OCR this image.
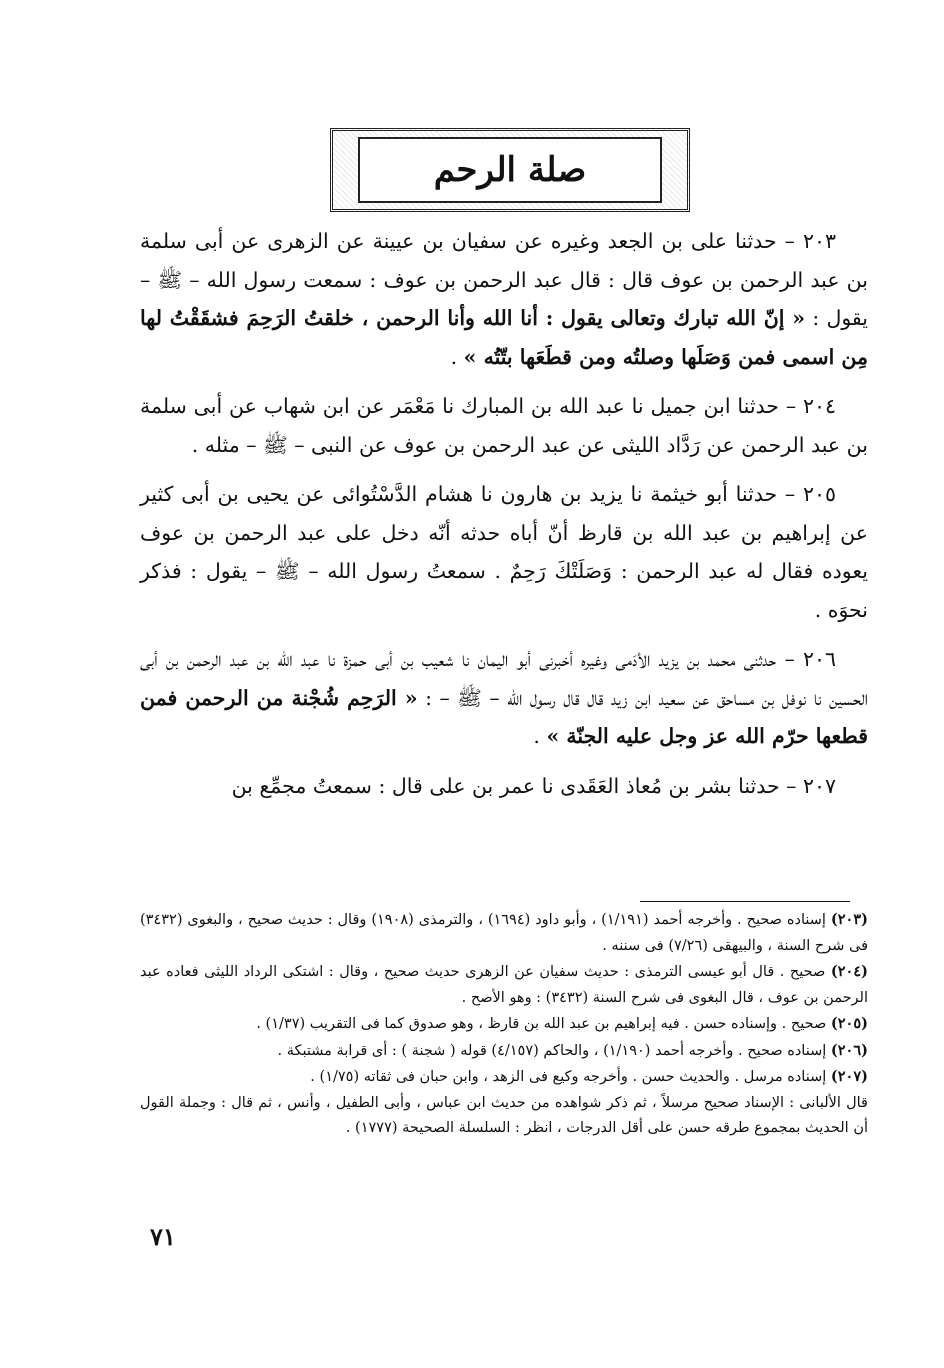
صلة الرحم

٢٠٣ – حدثنا على بن الجعد وغيره عن سفيان بن عيينة عن الزهرى عن أبى سلمة بن عبد الرحمن بن عوف قال : قال عبد الرحمن بن عوف : سمعت رسول الله – ﷺ – يقول : « إنّ الله تبارك وتعالى يقول : أنا الله وأنا الرحمن ، خلقتُ الرَحِمَ فشقَقْتُ لها مِن اسمى فمن وَصَلَها وصلتُه ومن قطَعَها بتّتُه » .

٢٠٤ – حدثنا ابن جميل نا عبد الله بن المبارك نا مَعْمَر عن ابن شهاب عن أبى سلمة بن عبد الرحمن عن رَدَّاد الليثى عن عبد الرحمن بن عوف عن النبى – ﷺ – مثله .

٢٠٥ – حدثنا أبو خيثمة نا يزيد بن هارون نا هشام الدَّسْتُوائى عن يحيى بن أبى كثير عن إبراهيم بن عبد الله بن قارظ أنّ أباه حدثه أنّه دخل على عبد الرحمن بن عوف يعوده فقال له عبد الرحمن : وَصَلَتْكَ رَحِمٌ . سمعتُ رسول الله – ﷺ – يقول : فذكر نحوَه .

٢٠٦ – حدثنى محمد بن يزيد الأدَمى وغيره أخبرنى أبو اليمان نا شعيب بن أبى حمزة نا عبد الله بن عبد الرحمن بن أبى الحسين نا نوفل بن مساحق عن سعيد ابن زيد قال قال رسول الله – ﷺ – : « الرَحِم شُجْنة من الرحمن فمن قطعها حرّم الله عز وجل عليه الجنّة » .

٢٠٧ – حدثنا بشر بن مُعاذ العَقَدى نا عمر بن على قال : سمعتُ مجمِّع بن

(٢٠٣) إسناده صحيح . وأخرجه أحمد (١/١٩١) ، وأبو داود (١٦٩٤) ، والترمذى (١٩٠٨) وقال : حديث صحيح ، والبغوى (٣٤٣٢) فى شرح السنة ، والبيهقى (٧/٢٦) فى سننه .

(٢٠٤) صحيح . قال أبو عيسى الترمذى : حديث سفيان عن الزهرى حديث صحيح ، وقال : اشتكى الرداد الليثى فعاده عبد الرحمن بن عوف ، قال البغوى فى شرح السنة (٣٤٣٢) : وهو الأصح .

(٢٠٥) صحيح . وإسناده حسن . فيه إبراهيم بن عبد الله بن قارظ ، وهو صدوق كما فى التقريب (١/٣٧) .

(٢٠٦) إسناده صحيح . وأخرجه أحمد (١/١٩٠) ، والحاكم (٤/١٥٧) قوله ( شجنة ) : أى قرابة مشتبكة .

(٢٠٧) إسناده مرسل . والحديث حسن . وأخرجه وكيع فى الزهد ، وابن حبان فى ثقاته (١/٧٥) .

قال الألبانى : الإسناد صحيح مرسلاً ، ثم ذكر شواهده من حديث ابن عباس ، وأبى الطفيل ، وأنس ، ثم قال : وجملة القول أن الحديث بمجموع طرقه حسن على أقل الدرجات ، انظر : السلسلة الصحيحة (١٧٧٧) .

٧١
